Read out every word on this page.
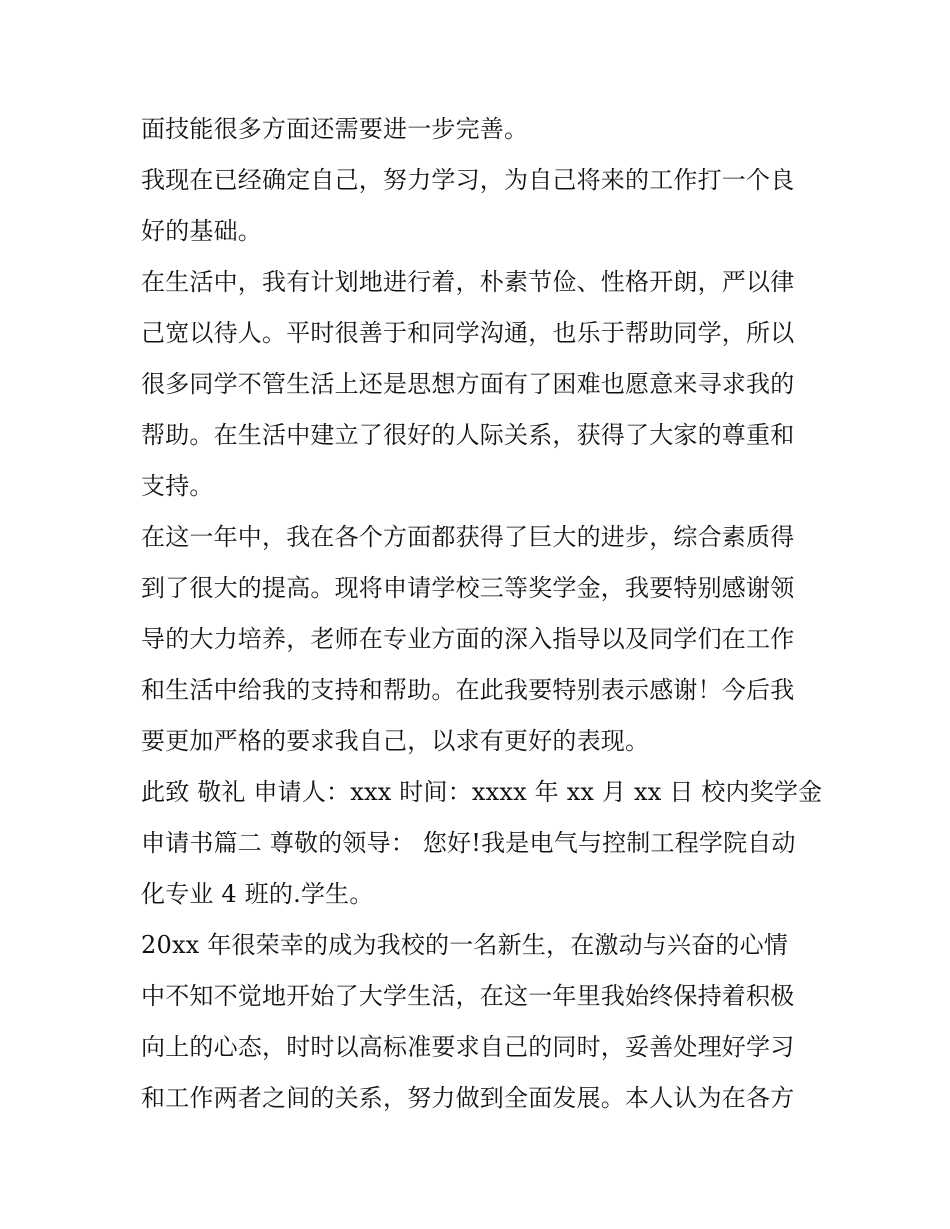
面技能很多方面还需要进一步完善。
我现在已经确定自己，努力学习，为自己将来的工作打一个良
好的基础。
在生活中，我有计划地进行着，朴素节俭、性格开朗，严以律
己宽以待人。平时很善于和同学沟通，也乐于帮助同学，所以
很多同学不管生活上还是思想方面有了困难也愿意来寻求我的
帮助。在生活中建立了很好的人际关系，获得了大家的尊重和
支持。
在这一年中，我在各个方面都获得了巨大的进步，综合素质得
到了很大的提高。现将申请学校三等奖学金，我要特别感谢领
导的大力培养，老师在专业方面的深入指导以及同学们在工作
和生活中给我的支持和帮助。在此我要特别表示感谢！今后我
要更加严格的要求我自己，以求有更好的表现。
此致 敬礼 申请人：xxx 时间：xxxx 年 xx 月 xx 日 校内奖学金
申请书篇二 尊敬的领导： 您好!我是电气与控制工程学院自动
化专业 4 班的.学生。
20xx 年很荣幸的成为我校的一名新生，在激动与兴奋的心情
中不知不觉地开始了大学生活，在这一年里我始终保持着积极
向上的心态，时时以高标准要求自己的同时，妥善处理好学习
和工作两者之间的关系，努力做到全面发展。本人认为在各方
